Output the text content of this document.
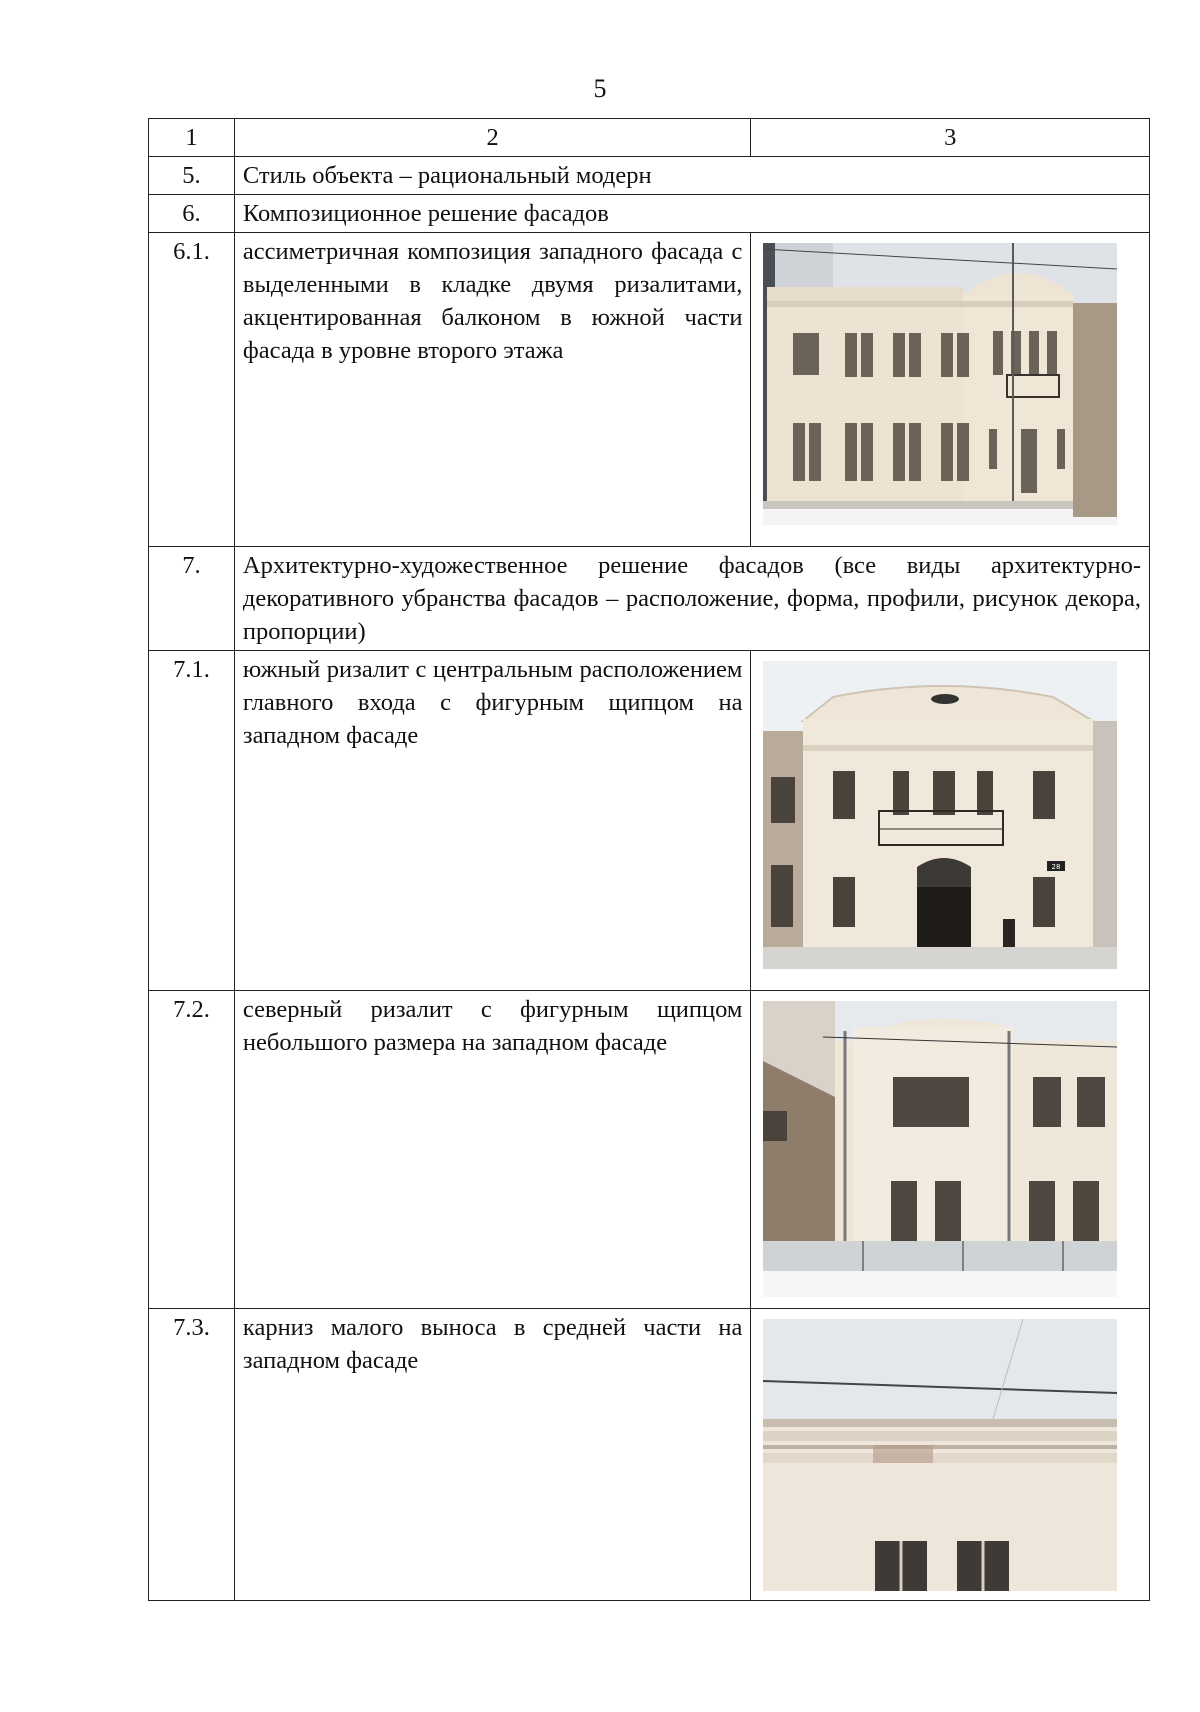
5
1	2	3
5.	Стиль объекта – рациональный модерн	
6.	Композиционное решение фасадов	
6.1.	ассиметричная композиция западного фасада с выделенными в кладке двумя ризалитами, акцентированная балконом в южной части фасада в уровне второго этажа	

7.	Архитектурно-художественное решение фасадов (все виды архитектурно-декоративного убранства фасадов – расположение, форма, профили, рисунок декора, пропорции)	
7.1.	южный ризалит с центральным расположением главного входа с фигурным щипцом на западном фасаде	28

7.2.	северный ризалит с фигурным щипцом небольшого размера на западном фасаде	

7.3.	карниз малого выноса в средней части на западном фасаде	
